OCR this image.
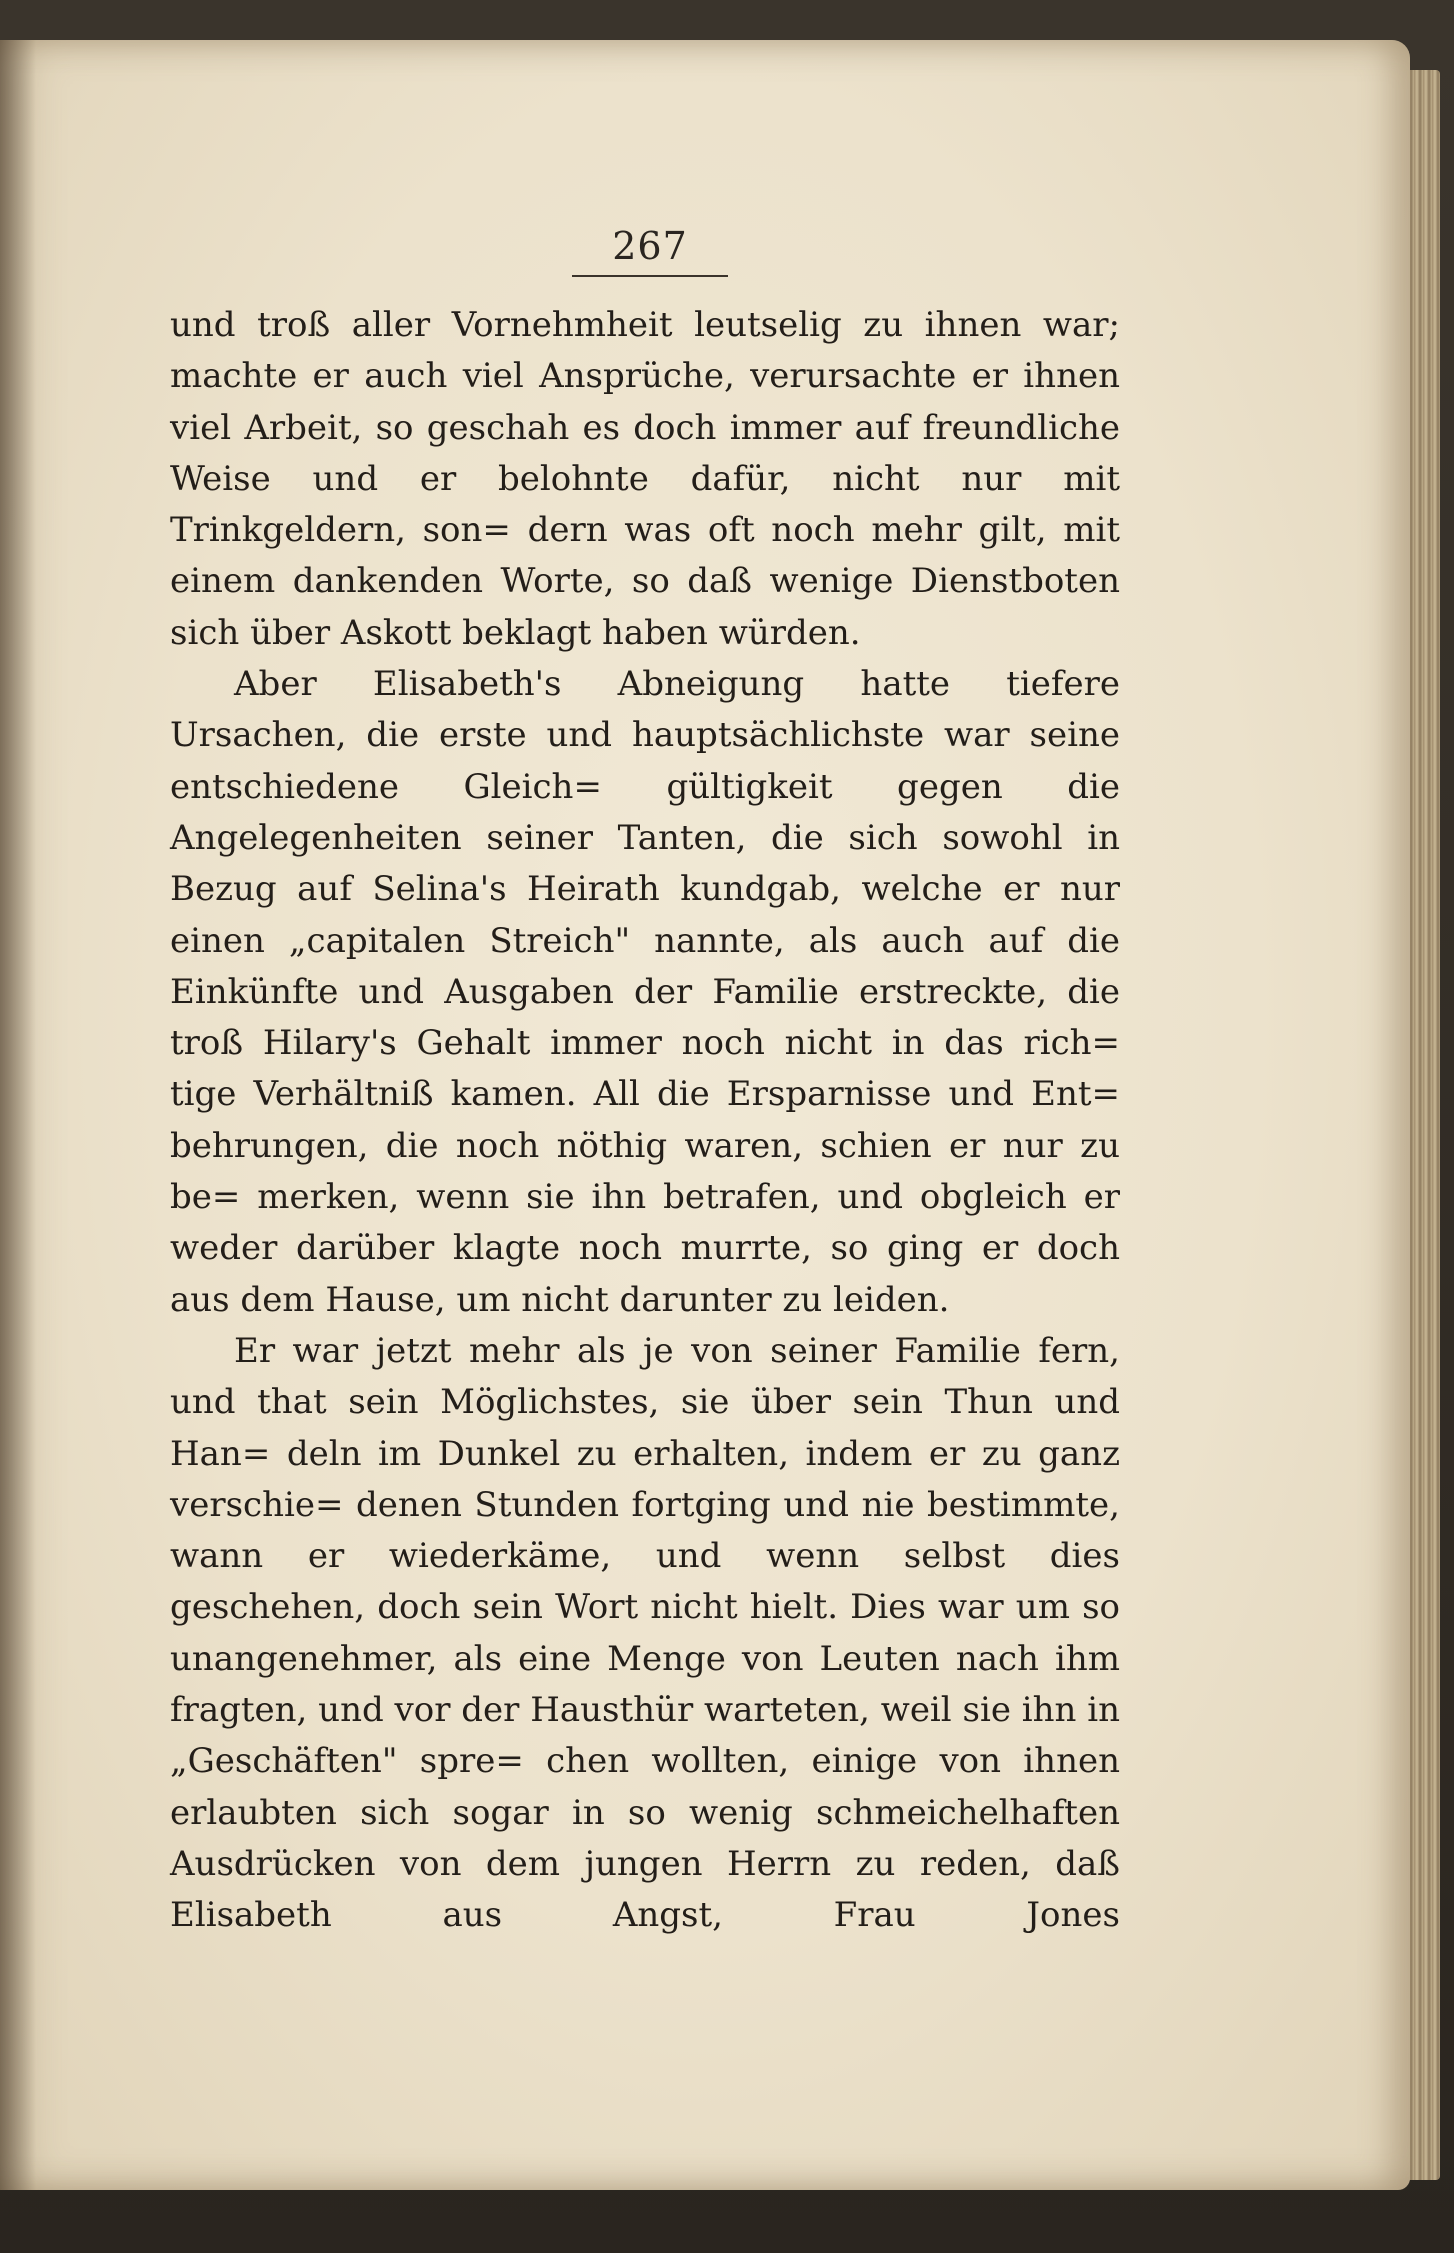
267

und troß aller Vornehmheit leutselig zu ihnen war; machte er auch viel Ansprüche, verursachte er ihnen viel Arbeit, so geschah es doch immer auf freundliche Weise und er belohnte dafür, nicht nur mit Trinkgeldern, son= dern was oft noch mehr gilt, mit einem dankenden Worte, so daß wenige Dienstboten sich über Askott beklagt haben würden.

Aber Elisabeth's Abneigung hatte tiefere Ursachen, die erste und hauptsächlichste war seine entschiedene Gleich= gültigkeit gegen die Angelegenheiten seiner Tanten, die sich sowohl in Bezug auf Selina's Heirath kundgab, welche er nur einen „capitalen Streich" nannte, als auch auf die Einkünfte und Ausgaben der Familie erstreckte, die troß Hilary's Gehalt immer noch nicht in das rich= tige Verhältniß kamen. All die Ersparnisse und Ent= behrungen, die noch nöthig waren, schien er nur zu be= merken, wenn sie ihn betrafen, und obgleich er weder darüber klagte noch murrte, so ging er doch aus dem Hause, um nicht darunter zu leiden.

Er war jetzt mehr als je von seiner Familie fern, und that sein Möglichstes, sie über sein Thun und Han= deln im Dunkel zu erhalten, indem er zu ganz verschie= denen Stunden fortging und nie bestimmte, wann er wiederkäme, und wenn selbst dies geschehen, doch sein Wort nicht hielt. Dies war um so unangenehmer, als eine Menge von Leuten nach ihm fragten, und vor der Hausthür warteten, weil sie ihn in „Geschäften" spre= chen wollten, einige von ihnen erlaubten sich sogar in so wenig schmeichelhaften Ausdrücken von dem jungen Herrn zu reden, daß Elisabeth aus Angst, Frau Jones
